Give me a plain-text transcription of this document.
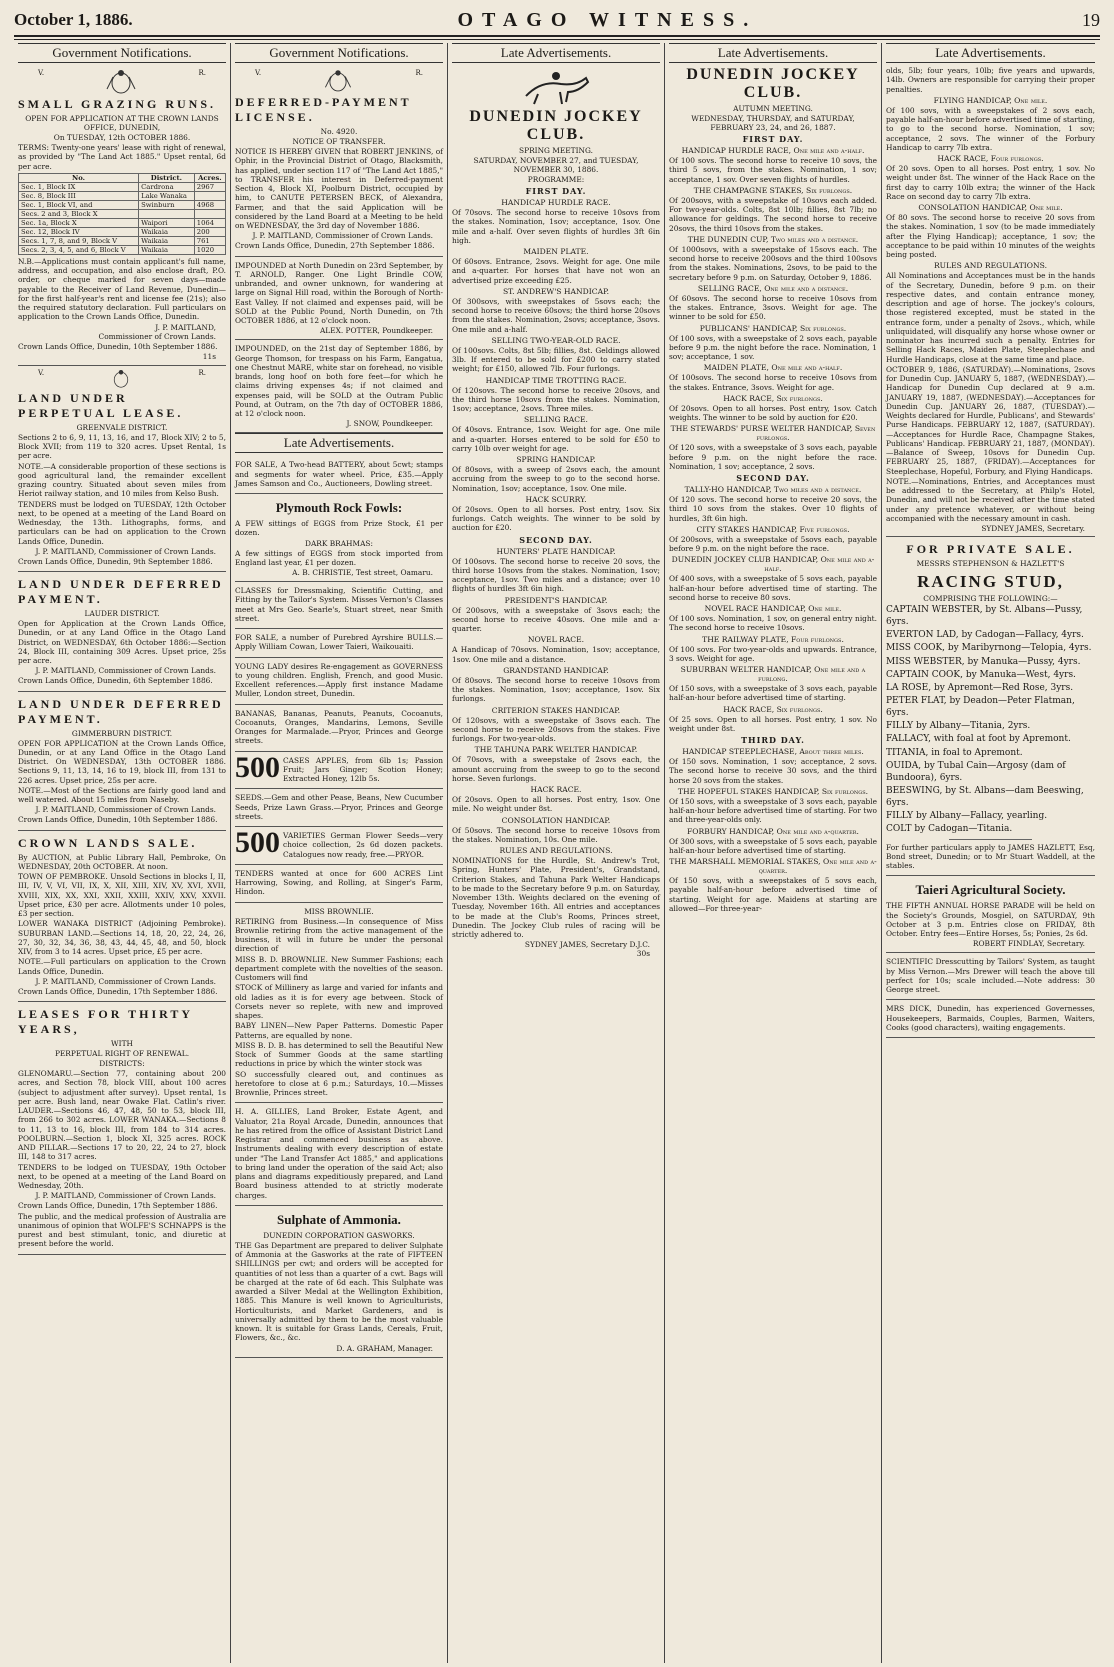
October 1, 1886.	OTAGO WITNESS.	19
Government Notifications.
V.	R.
SMALL GRAZING RUNS.
OPEN FOR APPLICATION AT THE CROWN LANDS OFFICE, DUNEDIN,
On TUESDAY, 12th OCTOBER 1886.

TERMS: Twenty-one years' lease with right of renewal, as provided by "The Land Act 1885." Upset rental, 6d per acre.

No.	District.	Acres.
Sec. 1, Block IX	Cardrona	2967
Sec. 8, Block III	Lake Wanaka	
Sec. 1, Block VI, and	Swinburn	4968
Secs. 2 and 3, Block X		
Sec. 1a, Block X	Waipori	1064
Sec. 12, Block IV	Waikaia	200
Secs. 1, 7, 8, and 9, Block V	Waikaia	761
Secs. 2, 3, 4, 5, and 6, Block V	Waikaia	1020

N.B.—Applications must contain applicant's full name, address, and occupation, and also enclose draft, P.O. order, or cheque marked for seven days—made payable to the Receiver of Land Revenue, Dunedin—for the first half-year's rent and license fee (21s); also the required statutory declaration. Full particulars on application to the Crown Lands Office, Dunedin.

J. P. MAITLAND,
Commissioner of Crown Lands.

Crown Lands Office, Dunedin, 10th September 1886.

11s
V.	R.
LAND UNDER PERPETUAL LEASE.
GREENVALE DISTRICT.

Sections 2 to 6, 9, 11, 13, 16, and 17, Block XIV; 2 to 5, Block XVII; from 119 to 320 acres. Upset Rental, 1s per acre.

NOTE.—A considerable proportion of these sections is good agricultural land, the remainder excellent grazing country. Situated about seven miles from Heriot railway station, and 10 miles from Kelso Bush.

TENDERS must be lodged on TUESDAY, 12th October next, to be opened at a meeting of the Land Board on Wednesday, the 13th. Lithographs, forms, and particulars can be had on application to the Crown Lands Office, Dunedin.

J. P. MAITLAND, Commissioner of Crown Lands.

Crown Lands Office, Dunedin, 9th September 1886.

LAND UNDER DEFERRED PAYMENT.
LAUDER DISTRICT.

Open for Application at the Crown Lands Office, Dunedin, or at any Land Office in the Otago Land District, on WEDNESDAY, 6th October 1886:—Section 24, Block III, containing 309 Acres. Upset price, 25s per acre.

J. P. MAITLAND, Commissioner of Crown Lands.

Crown Lands Office, Dunedin, 6th September 1886.

LAND UNDER DEFERRED PAYMENT.
GIMMERBURN DISTRICT.

OPEN FOR APPLICATION at the Crown Lands Office, Dunedin, or at any Land Office in the Otago Land District. On WEDNESDAY, 13th OCTOBER 1886. Sections 9, 11, 13, 14, 16 to 19, block III, from 131 to 226 acres. Upset price, 25s per acre.

NOTE.—Most of the Sections are fairly good land and well watered. About 15 miles from Naseby.

J. P. MAITLAND, Commissioner of Crown Lands.

Crown Lands Office, Dunedin, 10th September 1886.

CROWN LANDS SALE.

By AUCTION, at Public Library Hall, Pembroke, On WEDNESDAY, 20th OCTOBER. At noon.

TOWN OF PEMBROKE. Unsold Sections in blocks I, II, III, IV, V, VI, VII, IX, X, XII, XIII, XIV, XV, XVI, XVII, XVIII, XIX, XX, XXI, XXII, XXIII, XXIV, XXV, XXVII. Upset price, £30 per acre. Allotments under 10 poles, £3 per section.

LOWER WANAKA DISTRICT (Adjoining Pembroke). SUBURBAN LAND.—Sections 14, 18, 20, 22, 24, 26, 27, 30, 32, 34, 36, 38, 43, 44, 45, 48, and 50, block XIV, from 3 to 14 acres. Upset price, £5 per acre.

NOTE.—Full particulars on application to the Crown Lands Office, Dunedin.

J. P. MAITLAND, Commissioner of Crown Lands.

Crown Lands Office, Dunedin, 17th September 1886.

LEASES FOR THIRTY YEARS,
WITH
PERPETUAL RIGHT OF RENEWAL.
DISTRICTS:

GLENOMARU.—Section 77, containing about 200 acres, and Section 78, block VIII, about 100 acres (subject to adjustment after survey). Upset rental, 1s per acre. Bush land, near Owake Flat. Catlin's river. LAUDER.—Sections 46, 47, 48, 50 to 53, block III, from 266 to 302 acres. LOWER WANAKA.—Sections 8 to 11, 13 to 16, block III, from 184 to 314 acres. POOLBURN.—Section 1, block XI, 325 acres. ROCK AND PILLAR.—Sections 17 to 20, 22, 24 to 27, block III, 148 to 317 acres.

TENDERS to be lodged on TUESDAY, 19th October next, to be opened at a meeting of the Land Board on Wednesday, 20th.

J. P. MAITLAND, Commissioner of Crown Lands.

Crown Lands Office, Dunedin, 17th September 1886.

The public, and the medical profession of Australia are unanimous of opinion that WOLFE'S SCHNAPPS is the purest and best stimulant, tonic, and diuretic at present before the world.

Government Notifications.
V.	R.
DEFERRED-PAYMENT LICENSE.
No. 4920.
NOTICE OF TRANSFER.

NOTICE IS HEREBY GIVEN that ROBERT JENKINS, of Ophir, in the Provincial District of Otago, Blacksmith, has applied, under section 117 of "The Land Act 1885," to TRANSFER his interest in Deferred-payment Section 4, Block XI, Poolburn District, occupied by him, to CANUTE PETERSEN BECK, of Alexandra, Farmer, and that the said Application will be considered by the Land Board at a Meeting to be held on WEDNESDAY, the 3rd day of November 1886.

J. P. MAITLAND, Commissioner of Crown Lands.

Crown Lands Office, Dunedin, 27th September 1886.

IMPOUNDED at North Dunedin on 23rd September, by T. ARNOLD, Ranger. One Light Brindle COW, unbranded, and owner unknown, for wandering at large on Signal Hill road, within the Borough of North-East Valley. If not claimed and expenses paid, will be SOLD at the Public Pound, North Dunedin, on 7th OCTOBER 1886, at 12 o'clock noon.

ALEX. POTTER, Poundkeeper.

IMPOUNDED, on the 21st day of September 1886, by George Thomson, for trespass on his Farm, Eangatua, one Chestnut MARE, white star on forehead, no visible brands, long hoof on both fore feet—for which he claims driving expenses 4s; if not claimed and expenses paid, will be SOLD at the Outram Public Pound, at Outram, on the 7th day of OCTOBER 1886, at 12 o'clock noon.

J. SNOW, Poundkeeper.
Late Advertisements.

FOR SALE, A Two-head BATTERY, about 5cwt; stamps and segments for water wheel. Price, £35.—Apply James Samson and Co., Auctioneers, Dowling street.

Plymouth Rock Fowls:

A FEW sittings of EGGS from Prize Stock, £1 per dozen.

DARK BRAHMAS:

A few sittings of EGGS from stock imported from England last year, £1 per dozen.

A. B. CHRISTIE, Test street, Oamaru.

CLASSES for Dressmaking, Scientific Cutting, and Fitting by the Tailor's System. Misses Vernon's Classes meet at Mrs Geo. Searle's, Stuart street, near Smith street.

FOR SALE, a number of Purebred Ayrshire BULLS.—Apply William Cowan, Lower Taieri, Waikouaiti.

YOUNG LADY desires Re-engagement as GOVERNESS to young children. English, French, and good Music. Excellent references.—Apply first instance Madame Muller, London street, Dunedin.

BANANAS, Bananas, Peanuts, Peanuts, Cocoanuts, Cocoanuts, Oranges, Mandarins, Lemons, Seville Oranges for Marmalade.—Pryor, Princes and George streets.

500 CASES APPLES, from 6lb 1s; Passion Fruit; Jars Ginger; Scotion Honey; Extracted Honey, 12lb 5s.

SEEDS.—Gem and other Pease, Beans, New Cucumber Seeds, Prize Lawn Grass.—Pryor, Princes and George streets.

500 VARIETIES German Flower Seeds—very choice collection, 2s 6d dozen packets. Catalogues now ready, free.—PRYOR.

TENDERS wanted at once for 600 ACRES Lint Harrowing, Sowing, and Rolling, at Singer's Farm, Hindon.

MISS BROWNLIE.

RETIRING from Business.—In consequence of Miss Brownlie retiring from the active management of the business, it will in future be under the personal direction of

MISS B. D. BROWNLIE. New Summer Fashions; each department complete with the novelties of the season. Customers will find

STOCK of Millinery as large and varied for infants and old ladies as it is for every age between. Stock of Corsets never so replete, with new and improved shapes.

BABY LINEN—New Paper Patterns. Domestic Paper Patterns, are equalled by none.

MISS B. D. B. has determined to sell the Beautiful New Stock of Summer Goods at the same startling reductions in price by which the winter stock was

SO successfully cleared out, and continues as heretofore to close at 6 p.m.; Saturdays, 10.—Misses Brownlie, Princes street.

H. A. GILLIES, Land Broker, Estate Agent, and Valuator, 21a Royal Arcade, Dunedin, announces that he has retired from the office of Assistant District Land Registrar and commenced business as above. Instruments dealing with every description of estate under "The Land Transfer Act 1885," and applications to bring land under the operation of the said Act; also plans and diagrams expeditiously prepared, and Land Board business attended to at strictly moderate charges.

Sulphate of Ammonia.
DUNEDIN CORPORATION GASWORKS.

THE Gas Department are prepared to deliver Sulphate of Ammonia at the Gasworks at the rate of FIFTEEN SHILLINGS per cwt; and orders will be accepted for quantities of not less than a quarter of a cwt. Bags will be charged at the rate of 6d each. This Sulphate was awarded a Silver Medal at the Wellington Exhibition, 1885. This Manure is well known to Agriculturists, Horticulturists, and Market Gardeners, and is universally admitted by them to be the most valuable known. It is suitable for Grass Lands, Cereals, Fruit, Flowers, &c., &c.

D. A. GRAHAM, Manager.
Late Advertisements.
DUNEDIN JOCKEY CLUB.
SPRING MEETING.
SATURDAY, NOVEMBER 27, and TUESDAY, NOVEMBER 30, 1886.
PROGRAMME:
FIRST DAY.
HANDICAP HURDLE RACE.

Of 70sovs. The second horse to receive 10sovs from the stakes. Nomination, 1sov; acceptance, 1sov. One mile and a-half. Over seven flights of hurdles 3ft 6in high.

MAIDEN PLATE.

Of 60sovs. Entrance, 2sovs. Weight for age. One mile and a-quarter. For horses that have not won an advertised prize exceeding £25.

ST. ANDREW'S HANDICAP.

Of 300sovs, with sweepstakes of 5sovs each; the second horse to receive 60sovs; the third horse 20sovs from the stakes. Nomination, 2sovs; acceptance, 3sovs. One mile and a-half.

SELLING TWO-YEAR-OLD RACE.

Of 100sovs. Colts, 8st 5lb; fillies, 8st. Geldings allowed 3lb. If entered to be sold for £200 to carry stated weight; for £150, allowed 7lb. Four furlongs.

HANDICAP TIME TROTTING RACE.

Of 120sovs. The second horse to receive 20sovs, and the third horse 10sovs from the stakes. Nomination, 1sov; acceptance, 2sovs. Three miles.

SELLING RACE.

Of 40sovs. Entrance, 1sov. Weight for age. One mile and a-quarter. Horses entered to be sold for £50 to carry 10lb over weight for age.

SPRING HANDICAP.

Of 80sovs, with a sweep of 2sovs each, the amount accruing from the sweep to go to the second horse. Nomination, 1sov; acceptance, 1sov. One mile.

HACK SCURRY.

Of 20sovs. Open to all horses. Post entry, 1sov. Six furlongs. Catch weights. The winner to be sold by auction for £20.

SECOND DAY.
HUNTERS' PLATE HANDICAP.

Of 100sovs. The second horse to receive 20 sovs, the third horse 10sovs from the stakes. Nomination, 1sov; acceptance, 1sov. Two miles and a distance; over 10 flights of hurdles 3ft 6in high.

PRESIDENT'S HANDICAP.

Of 200sovs, with a sweepstake of 3sovs each; the second horse to receive 40sovs. One mile and a-quarter.

NOVEL RACE.

A Handicap of 70sovs. Nomination, 1sov; acceptance, 1sov. One mile and a distance.

GRANDSTAND HANDICAP.

Of 80sovs. The second horse to receive 10sovs from the stakes. Nomination, 1sov; acceptance, 1sov. Six furlongs.

CRITERION STAKES HANDICAP.

Of 120sovs, with a sweepstake of 3sovs each. The second horse to receive 20sovs from the stakes. Five furlongs. For two-year-olds.

THE TAHUNA PARK WELTER HANDICAP.

Of 70sovs, with a sweepstake of 2sovs each, the amount accruing from the sweep to go to the second horse. Seven furlongs.

HACK RACE.

Of 20sovs. Open to all horses. Post entry, 1sov. One mile. No weight under 8st.

CONSOLATION HANDICAP.

Of 50sovs. The second horse to receive 10sovs from the stakes. Nomination, 10s. One mile.

RULES AND REGULATIONS.

NOMINATIONS for the Hurdle, St. Andrew's Trot, Spring, Hunters' Plate, President's, Grandstand, Criterion Stakes, and Tahuna Park Welter Handicaps to be made to the Secretary before 9 p.m. on Saturday, November 13th. Weights declared on the evening of Tuesday, November 16th. All entries and acceptances to be made at the Club's Rooms, Princes street, Dunedin. The Jockey Club rules of racing will be strictly adhered to.

SYDNEY JAMES, Secretary D.J.C.
30s
Late Advertisements.
DUNEDIN JOCKEY CLUB.
AUTUMN MEETING.
WEDNESDAY, THURSDAY, and SATURDAY, FEBRUARY 23, 24, and 26, 1887.
FIRST DAY.
HANDICAP HURDLE RACE, One mile and a-half.

Of 100 sovs. The second horse to receive 10 sovs, the third 5 sovs, from the stakes. Nomination, 1 sov; acceptance, 1 sov. Over seven flights of hurdles.

THE CHAMPAGNE STAKES, Six furlongs.

Of 200sovs, with a sweepstake of 10sovs each added. For two-year-olds. Colts, 8st 10lb; fillies, 8st 7lb; no allowance for geldings. The second horse to receive 20sovs, the third 10sovs from the stakes.

THE DUNEDIN CUP, Two miles and a distance.

Of 1000sovs, with a sweepstake of 15sovs each. The second horse to receive 200sovs and the third 100sovs from the stakes. Nominations, 2sovs, to be paid to the secretary before 9 p.m. on Saturday, October 9, 1886.

SELLING RACE, One mile and a distance.

Of 60sovs. The second horse to receive 10sovs from the stakes. Entrance, 3sovs. Weight for age. The winner to be sold for £50.

PUBLICANS' HANDICAP, Six furlongs.

Of 100 sovs, with a sweepstake of 2 sovs each, payable before 9 p.m. the night before the race. Nomination, 1 sov; acceptance, 1 sov.

MAIDEN PLATE, One mile and a-half.

Of 100sovs. The second horse to receive 10sovs from the stakes. Entrance, 3sovs. Weight for age.

HACK RACE, Six furlongs.

Of 20sovs. Open to all horses. Post entry, 1sov. Catch weights. The winner to be sold by auction for £20.

THE STEWARDS' PURSE WELTER HANDICAP, Seven furlongs.

Of 120 sovs, with a sweepstake of 3 sovs each, payable before 9 p.m. on the night before the race. Nomination, 1 sov; acceptance, 2 sovs.

SECOND DAY.
TALLY-HO HANDICAP, Two miles and a distance.

Of 120 sovs. The second horse to receive 20 sovs, the third 10 sovs from the stakes. Over 10 flights of hurdles, 3ft 6in high.

CITY STAKES HANDICAP, Five furlongs.

Of 200sovs, with a sweepstake of 5sovs each, payable before 9 p.m. on the night before the race.

DUNEDIN JOCKEY CLUB HANDICAP, One mile and a-half.

Of 400 sovs, with a sweepstake of 5 sovs each, payable half-an-hour before advertised time of starting. The second horse to receive 80 sovs.

NOVEL RACE HANDICAP, One mile.

Of 100 sovs. Nomination, 1 sov, on general entry night. The second horse to receive 10sovs.

THE RAILWAY PLATE, Four furlongs.

Of 100 sovs. For two-year-olds and upwards. Entrance, 3 sovs. Weight for age.

SUBURBAN WELTER HANDICAP, One mile and a furlong.

Of 150 sovs, with a sweepstake of 3 sovs each, payable half-an-hour before advertised time of starting.

HACK RACE, Six furlongs.

Of 25 sovs. Open to all horses. Post entry, 1 sov. No weight under 8st.

THIRD DAY.
HANDICAP STEEPLECHASE, About three miles.

Of 150 sovs. Nomination, 1 sov; acceptance, 2 sovs. The second horse to receive 30 sovs, and the third horse 20 sovs from the stakes.

THE HOPEFUL STAKES HANDICAP, Six furlongs.

Of 150 sovs, with a sweepstake of 3 sovs each, payable half-an-hour before advertised time of starting. For two and three-year-olds only.

FORBURY HANDICAP, One mile and a-quarter.

Of 300 sovs, with a sweepstake of 5 sovs each, payable half-an-hour before advertised time of starting.

THE MARSHALL MEMORIAL STAKES, One mile and a-quarter.

Of 150 sovs, with a sweepstakes of 5 sovs each, payable half-an-hour before advertised time of starting. Weight for age. Maidens at starting are allowed—For three-year-

Late Advertisements.

olds, 5lb; four years, 10lb; five years and upwards, 14lb. Owners are responsible for carrying their proper penalties.

FLYING HANDICAP, One mile.

Of 100 sovs, with a sweepstakes of 2 sovs each, payable half-an-hour before advertised time of starting, to go to the second horse. Nomination, 1 sov; acceptance, 2 sovs. The winner of the Forbury Handicap to carry 7lb extra.

HACK RACE, Four furlongs.

Of 20 sovs. Open to all horses. Post entry, 1 sov. No weight under 8st. The winner of the Hack Race on the first day to carry 10lb extra; the winner of the Hack Race on second day to carry 7lb extra.

CONSOLATION HANDICAP, One mile.

Of 80 sovs. The second horse to receive 20 sovs from the stakes. Nomination, 1 sov (to be made immediately after the Flying Handicap); acceptance, 1 sov; the acceptance to be paid within 10 minutes of the weights being posted.

RULES AND REGULATIONS.

All Nominations and Acceptances must be in the hands of the Secretary, Dunedin, before 9 p.m. on their respective dates, and contain entrance money, description and age of horse. The jockey's colours, those registered excepted, must be stated in the entrance form, under a penalty of 2sovs., which, while unliquidated, will disqualify any horse whose owner or nominator has incurred such a penalty. Entries for Selling Hack Races, Maiden Plate, Steeplechase and Hurdle Handicaps, close at the same time and place.

OCTOBER 9, 1886, (SATURDAY).—Nominations, 2sovs for Dunedin Cup. JANUARY 5, 1887, (WEDNESDAY).—Handicap for Dunedin Cup declared at 9 a.m. JANUARY 19, 1887, (WEDNESDAY).—Acceptances for Dunedin Cup. JANUARY 26, 1887, (TUESDAY).—Weights declared for Hurdle, Publicans', and Stewards' Purse Handicaps. FEBRUARY 12, 1887, (SATURDAY).—Acceptances for Hurdle Race, Champagne Stakes, Publicans' Handicap. FEBRUARY 21, 1887, (MONDAY).—Balance of Sweep, 10sovs for Dunedin Cup. FEBRUARY 25, 1887, (FRIDAY).—Acceptances for Steeplechase, Hopeful, Forbury, and Flying Handicaps.

NOTE.—Nominations, Entries, and Acceptances must be addressed to the Secretary, at Philp's Hotel, Dunedin, and will not be received after the time stated under any pretence whatever, or without being accompanied with the necessary amount in cash.

SYDNEY JAMES, Secretary.
FOR PRIVATE SALE.
MESSRS STEPHENSON & HAZLETT'S
RACING STUD,
COMPRISING THE FOLLOWING:—
CAPTAIN WEBSTER, by St. Albans—Pussy, 6yrs.
EVERTON LAD, by Cadogan—Fallacy, 4yrs.
MISS COOK, by Maribyrnong—Telopia, 4yrs.
MISS WEBSTER, by Manuka—Pussy, 4yrs.
CAPTAIN COOK, by Manuka—West, 4yrs.
LA ROSE, by Apremont—Red Rose, 3yrs.
PETER FLAT, by Deadon—Peter Flatman, 6yrs.
FILLY by Albany—Titania, 2yrs.
FALLACY, with foal at foot by Apremont.
TITANIA, in foal to Apremont.
OUIDA, by Tubal Cain—Argosy (dam of Bundoora), 6yrs.
BEESWING, by St. Albans—dam Beeswing, 6yrs.
FILLY by Albany—Fallacy, yearling.
COLT by Cadogan—Titania.

For further particulars apply to JAMES HAZLETT, Esq, Bond street, Dunedin; or to Mr Stuart Waddell, at the stables.

Taieri Agricultural Society.

THE FIFTH ANNUAL HORSE PARADE will be held on the Society's Grounds, Mosgiel, on SATURDAY, 9th October at 3 p.m. Entries close on FRIDAY, 8th October. Entry fees—Entire Horses, 5s; Ponies, 2s 6d.

ROBERT FINDLAY, Secretary.

SCIENTIFIC Dresscutting by Tailors' System, as taught by Miss Vernon.—Mrs Drewer will teach the above till perfect for 10s; scale included.—Note address: 30 George street.

MRS DICK, Dunedin, has experienced Governesses, Housekeepers, Barmaids, Couples, Barmen, Waiters, Cooks (good characters), waiting engagements.
